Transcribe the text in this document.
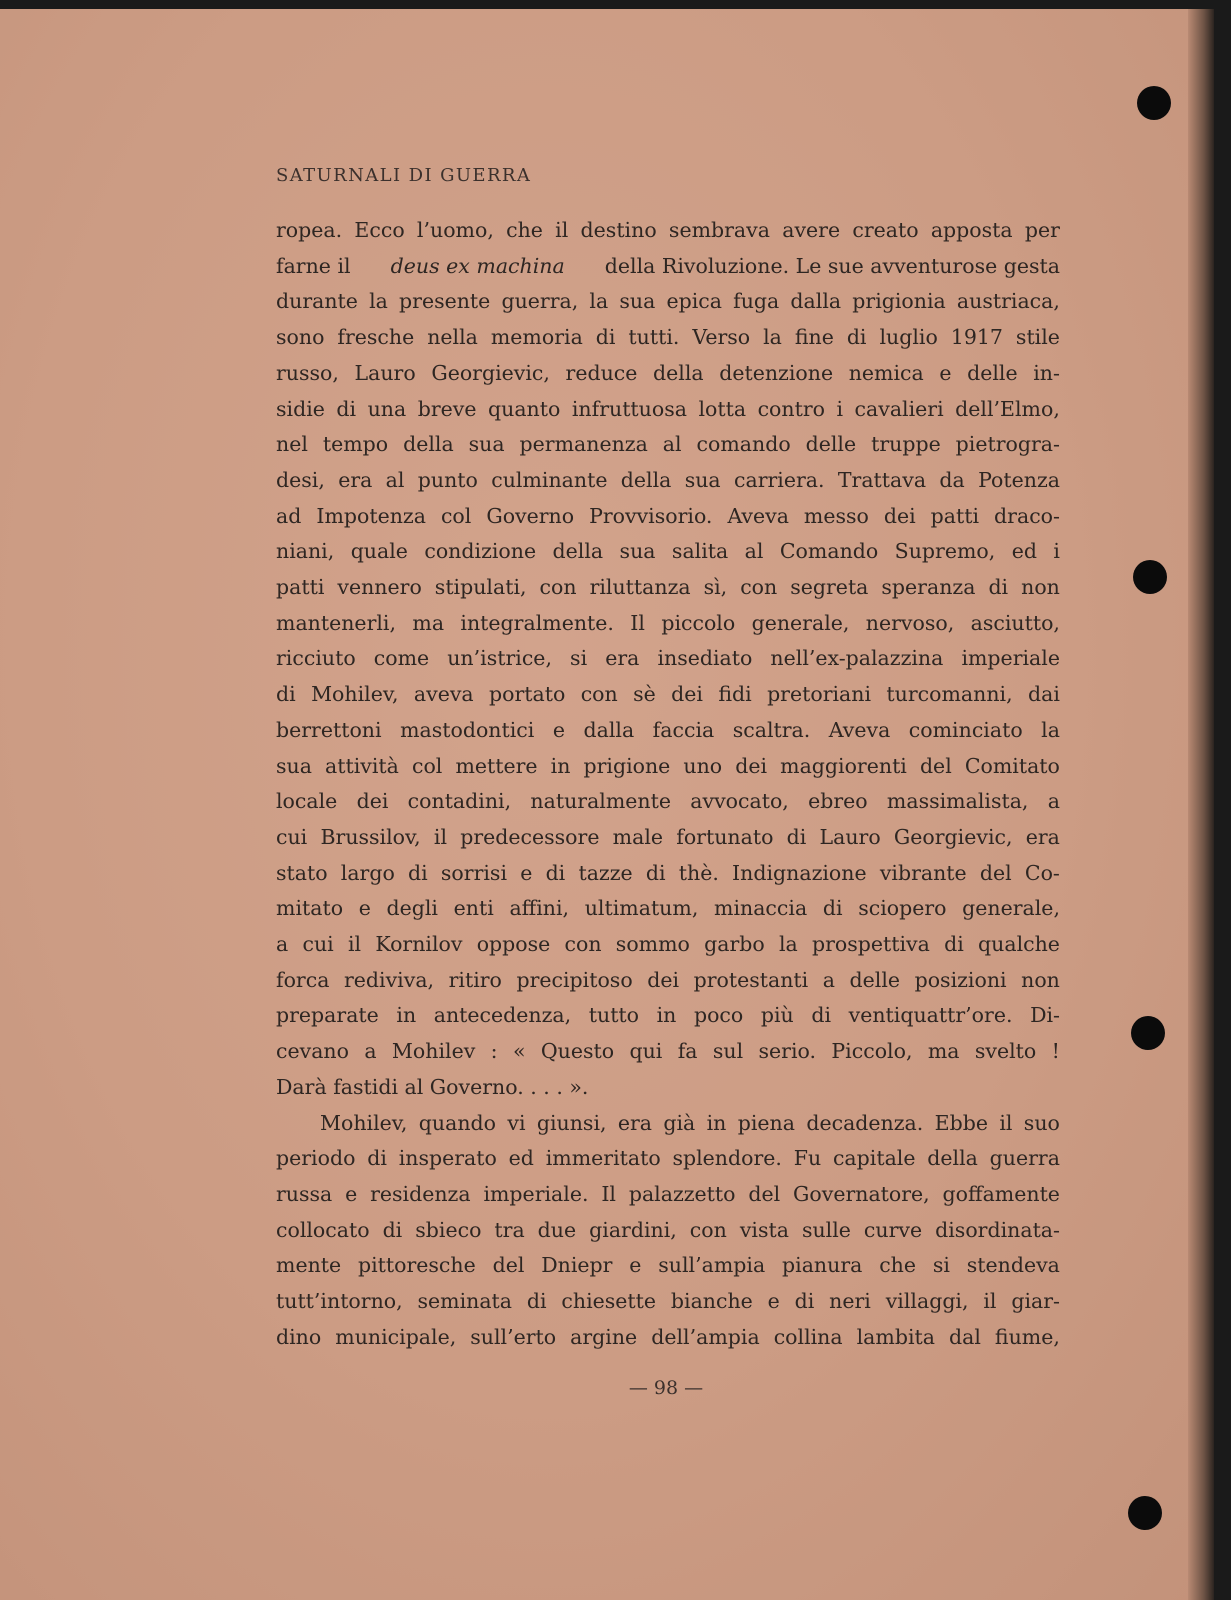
SATURNALI DI GUERRA
ropea. Ecco l’uomo, che il destino sembrava avere creato apposta per
farne il deus ex machina della Rivoluzione. Le sue avventurose gesta
durante la presente guerra, la sua epica fuga dalla prigionia austriaca,
sono fresche nella memoria di tutti. Verso la fine di luglio 1917 stile
russo, Lauro Georgievic, reduce della detenzione nemica e delle in-
sidie di una breve quanto infruttuosa lotta contro i cavalieri dell’Elmo,
nel tempo della sua permanenza al comando delle truppe pietrogra-
desi, era al punto culminante della sua carriera. Trattava da Potenza
ad Impotenza col Governo Provvisorio. Aveva messo dei patti draco-
niani, quale condizione della sua salita al Comando Supremo, ed i
patti vennero stipulati, con riluttanza sì, con segreta speranza di non
mantenerli, ma integralmente. Il piccolo generale, nervoso, asciutto,
ricciuto come un’istrice, si era insediato nell’ex-palazzina imperiale
di Mohilev, aveva portato con sè dei fidi pretoriani turcomanni, dai
berrettoni mastodontici e dalla faccia scaltra. Aveva cominciato la
sua attività col mettere in prigione uno dei maggiorenti del Comitato
locale dei contadini, naturalmente avvocato, ebreo massimalista, a
cui Brussilov, il predecessore male fortunato di Lauro Georgievic, era
stato largo di sorrisi e di tazze di thè. Indignazione vibrante del Co-
mitato e degli enti affini, ultimatum, minaccia di sciopero generale,
a cui il Kornilov oppose con sommo garbo la prospettiva di qualche
forca rediviva, ritiro precipitoso dei protestanti a delle posizioni non
preparate in antecedenza, tutto in poco più di ventiquattr’ore. Di-
cevano a Mohilev : « Questo qui fa sul serio. Piccolo, ma svelto !
Darà fastidi al Governo. . . . ».
Mohilev, quando vi giunsi, era già in piena decadenza. Ebbe il suo
periodo di insperato ed immeritato splendore. Fu capitale della guerra
russa e residenza imperiale. Il palazzetto del Governatore, goffamente
collocato di sbieco tra due giardini, con vista sulle curve disordinata-
mente pittoresche del Dniepr e sull’ampia pianura che si stendeva
tutt’intorno, seminata di chiesette bianche e di neri villaggi, il giar-
dino municipale, sull’erto argine dell’ampia collina lambita dal fiume,
— 98 —
